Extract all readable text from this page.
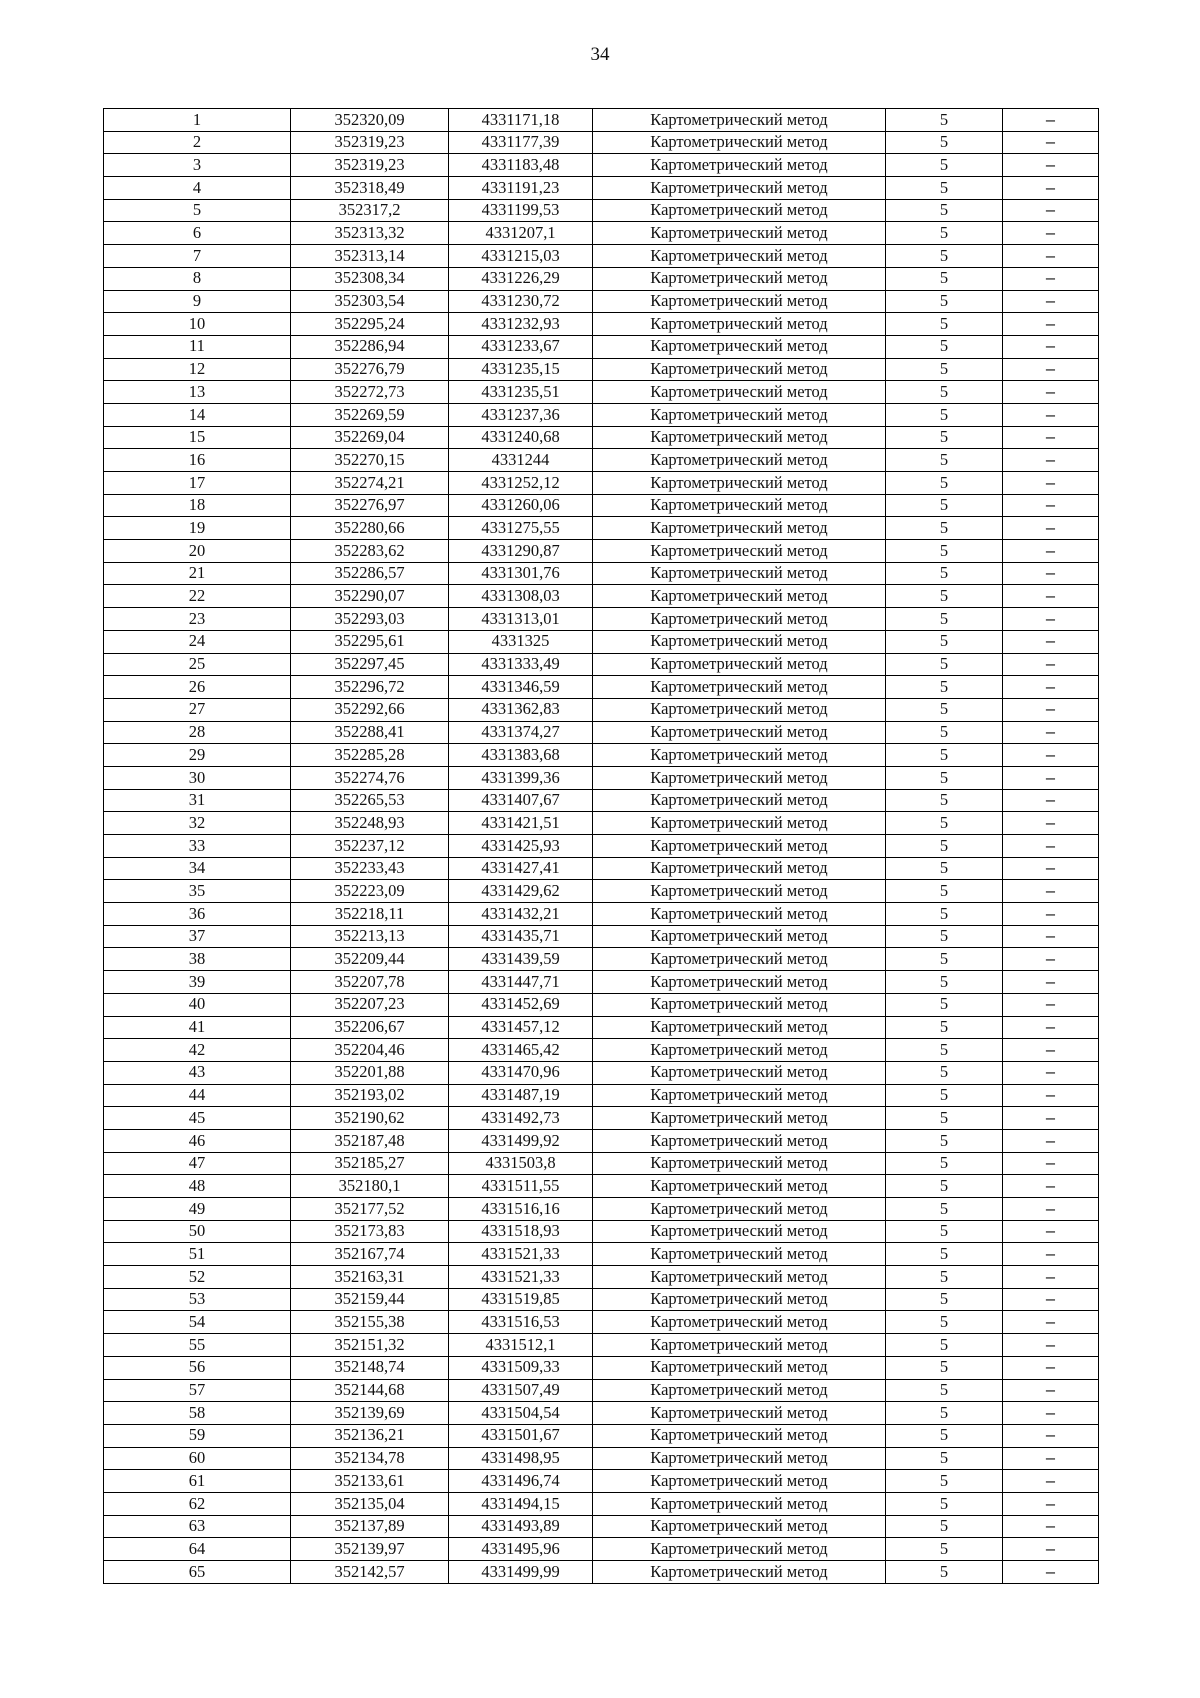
34
1	352320,09	4331171,18	Картометрический метод	5	–
2	352319,23	4331177,39	Картометрический метод	5	–
3	352319,23	4331183,48	Картометрический метод	5	–
4	352318,49	4331191,23	Картометрический метод	5	–
5	352317,2	4331199,53	Картометрический метод	5	–
6	352313,32	4331207,1	Картометрический метод	5	–
7	352313,14	4331215,03	Картометрический метод	5	–
8	352308,34	4331226,29	Картометрический метод	5	–
9	352303,54	4331230,72	Картометрический метод	5	–
10	352295,24	4331232,93	Картометрический метод	5	–
11	352286,94	4331233,67	Картометрический метод	5	–
12	352276,79	4331235,15	Картометрический метод	5	–
13	352272,73	4331235,51	Картометрический метод	5	–
14	352269,59	4331237,36	Картометрический метод	5	–
15	352269,04	4331240,68	Картометрический метод	5	–
16	352270,15	4331244	Картометрический метод	5	–
17	352274,21	4331252,12	Картометрический метод	5	–
18	352276,97	4331260,06	Картометрический метод	5	–
19	352280,66	4331275,55	Картометрический метод	5	–
20	352283,62	4331290,87	Картометрический метод	5	–
21	352286,57	4331301,76	Картометрический метод	5	–
22	352290,07	4331308,03	Картометрический метод	5	–
23	352293,03	4331313,01	Картометрический метод	5	–
24	352295,61	4331325	Картометрический метод	5	–
25	352297,45	4331333,49	Картометрический метод	5	–
26	352296,72	4331346,59	Картометрический метод	5	–
27	352292,66	4331362,83	Картометрический метод	5	–
28	352288,41	4331374,27	Картометрический метод	5	–
29	352285,28	4331383,68	Картометрический метод	5	–
30	352274,76	4331399,36	Картометрический метод	5	–
31	352265,53	4331407,67	Картометрический метод	5	–
32	352248,93	4331421,51	Картометрический метод	5	–
33	352237,12	4331425,93	Картометрический метод	5	–
34	352233,43	4331427,41	Картометрический метод	5	–
35	352223,09	4331429,62	Картометрический метод	5	–
36	352218,11	4331432,21	Картометрический метод	5	–
37	352213,13	4331435,71	Картометрический метод	5	–
38	352209,44	4331439,59	Картометрический метод	5	–
39	352207,78	4331447,71	Картометрический метод	5	–
40	352207,23	4331452,69	Картометрический метод	5	–
41	352206,67	4331457,12	Картометрический метод	5	–
42	352204,46	4331465,42	Картометрический метод	5	–
43	352201,88	4331470,96	Картометрический метод	5	–
44	352193,02	4331487,19	Картометрический метод	5	–
45	352190,62	4331492,73	Картометрический метод	5	–
46	352187,48	4331499,92	Картометрический метод	5	–
47	352185,27	4331503,8	Картометрический метод	5	–
48	352180,1	4331511,55	Картометрический метод	5	–
49	352177,52	4331516,16	Картометрический метод	5	–
50	352173,83	4331518,93	Картометрический метод	5	–
51	352167,74	4331521,33	Картометрический метод	5	–
52	352163,31	4331521,33	Картометрический метод	5	–
53	352159,44	4331519,85	Картометрический метод	5	–
54	352155,38	4331516,53	Картометрический метод	5	–
55	352151,32	4331512,1	Картометрический метод	5	–
56	352148,74	4331509,33	Картометрический метод	5	–
57	352144,68	4331507,49	Картометрический метод	5	–
58	352139,69	4331504,54	Картометрический метод	5	–
59	352136,21	4331501,67	Картометрический метод	5	–
60	352134,78	4331498,95	Картометрический метод	5	–
61	352133,61	4331496,74	Картометрический метод	5	–
62	352135,04	4331494,15	Картометрический метод	5	–
63	352137,89	4331493,89	Картометрический метод	5	–
64	352139,97	4331495,96	Картометрический метод	5	–
65	352142,57	4331499,99	Картометрический метод	5	–
